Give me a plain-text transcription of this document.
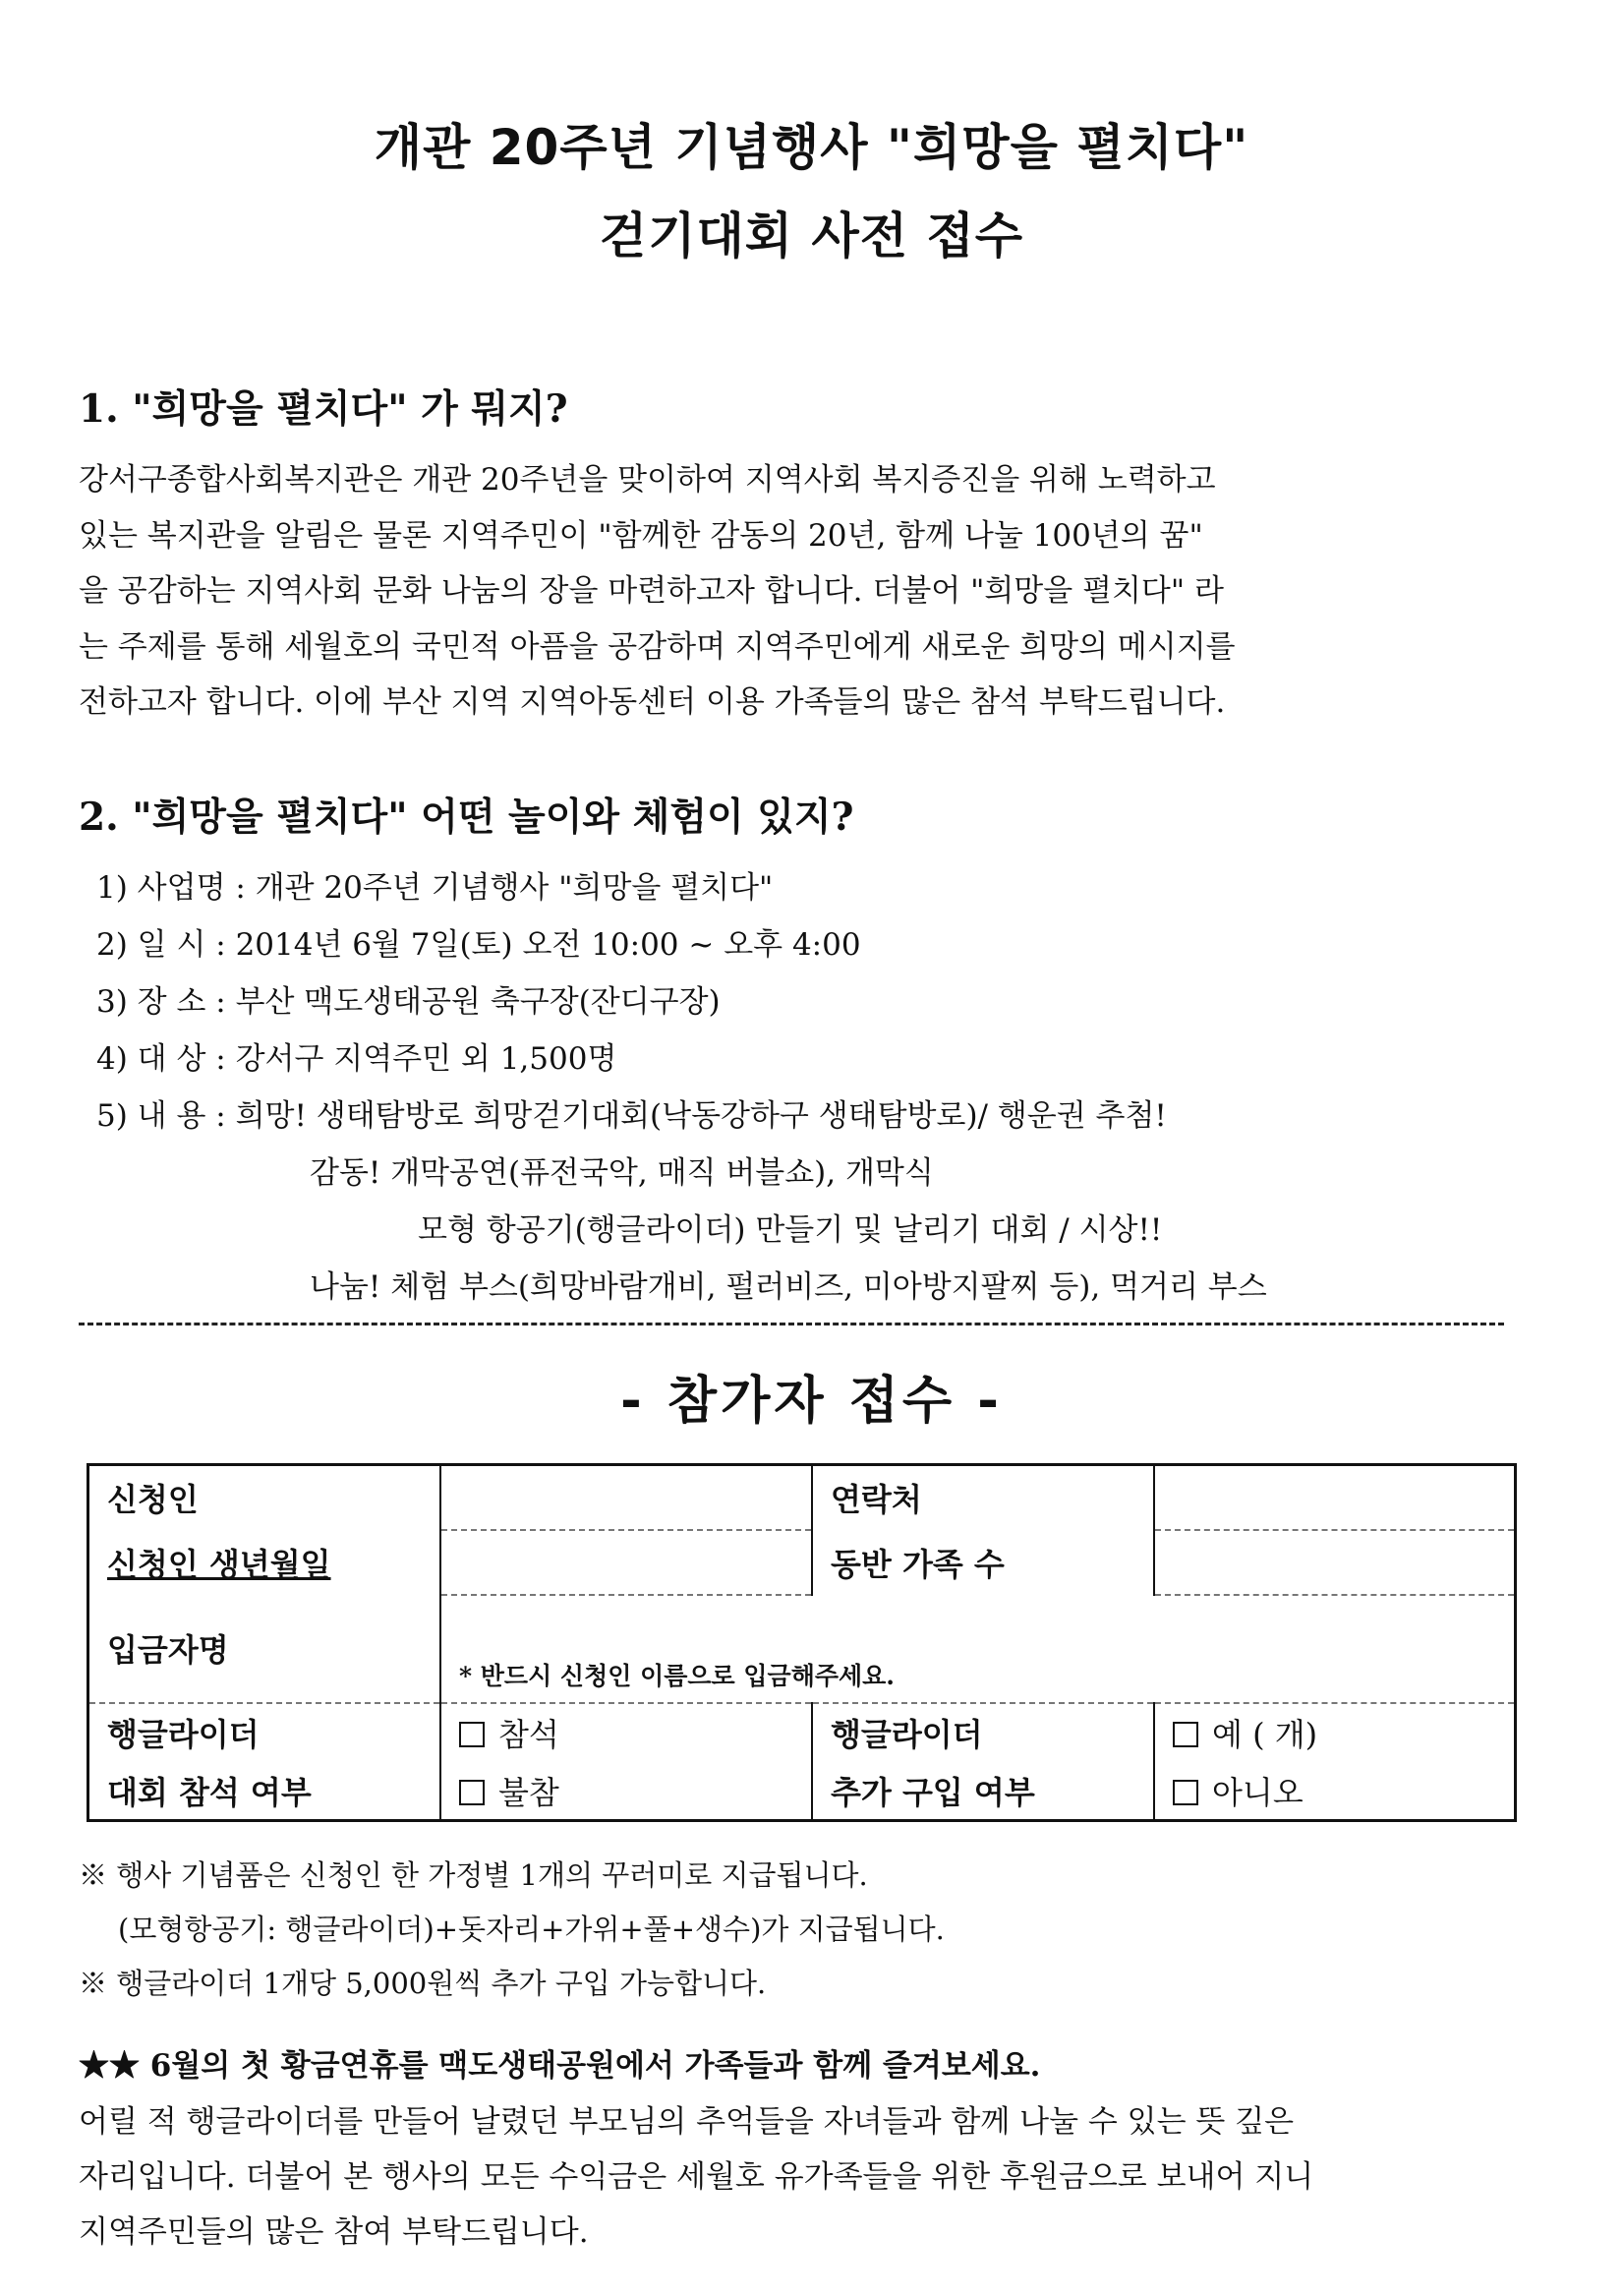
개관 20주년 기념행사 "희망을 펼치다"
걷기대회 사전 접수
1. "희망을 펼치다" 가 뭐지?
강서구종합사회복지관은 개관 20주년을 맞이하여 지역사회 복지증진을 위해 노력하고
있는 복지관을 알림은 물론 지역주민이 "함께한 감동의 20년, 함께 나눌 100년의 꿈"
을 공감하는 지역사회 문화 나눔의 장을 마련하고자 합니다. 더불어 "희망을 펼치다" 라
는 주제를 통해 세월호의 국민적 아픔을 공감하며 지역주민에게 새로운 희망의 메시지를
전하고자 합니다. 이에 부산 지역 지역아동센터 이용 가족들의 많은 참석 부탁드립니다.
2. "희망을 펼치다" 어떤 놀이와 체험이 있지?
1) 사업명 : 개관 20주년 기념행사 "희망을 펼치다"
2) 일 시 : 2014년 6월 7일(토) 오전 10:00 ~ 오후 4:00
3) 장 소 : 부산 맥도생태공원 축구장(잔디구장)
4) 대 상 : 강서구 지역주민 외 1,500명
5) 내 용 : 희망! 생태탐방로 희망걷기대회(낙동강하구 생태탐방로)/ 행운권 추첨!
감동! 개막공연(퓨전국악, 매직 버블쇼), 개막식
모형 항공기(행글라이더) 만들기 및 날리기 대회 / 시상!!
나눔! 체험 부스(희망바람개비, 펄러비즈, 미아방지팔찌 등), 먹거리 부스
- 참가자 접수 -
신청인		연락처	
신청인 생년월일		동반 가족 수	
입금자명	* 반드시 신청인 이름으로 입금해주세요.		
행글라이더	참석	행글라이더	예 ( 개)
대회 참석 여부	불참	추가 구입 여부	아니오
※ 행사 기념품은 신청인 한 가정별 1개의 꾸러미로 지급됩니다.
(모형항공기: 행글라이더)+돗자리+가위+풀+생수)가 지급됩니다.
※ 행글라이더 1개당 5,000원씩 추가 구입 가능합니다.
★★ 6월의 첫 황금연휴를 맥도생태공원에서 가족들과 함께 즐겨보세요.
어릴 적 행글라이더를 만들어 날렸던 부모님의 추억들을 자녀들과 함께 나눌 수 있는 뜻 깊은
자리입니다. 더불어 본 행사의 모든 수익금은 세월호 유가족들을 위한 후원금으로 보내어 지니
지역주민들의 많은 참여 부탁드립니다.
